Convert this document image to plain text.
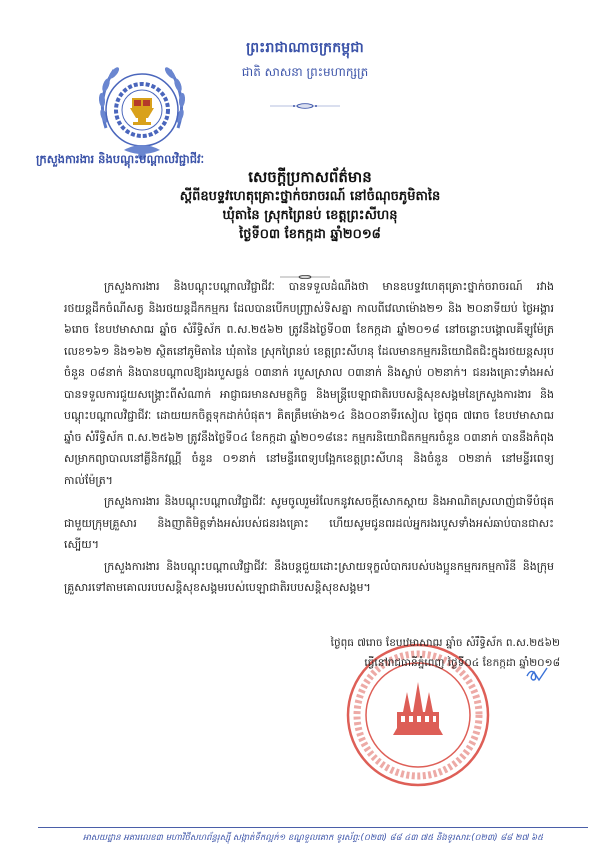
ព្រះរាជាណាចក្រកម្ពុជា
ជាតិ សាសនា ព្រះមហាក្សត្រ
ក្រសួងការងារ និងបណ្តុះបណ្តាលវិជ្ជាជីវៈ
សេចក្តីប្រកាសព័ត៌មាន
ស្តីពីឧបទ្ទវហេតុគ្រោះថ្នាក់ចរាចរណ៍ នៅចំណុចភូមិតានៃ
ឃុំតានៃ ស្រុកព្រៃនប់ ខេត្តព្រះសីហនុ
ថ្ងៃទី០៣ ខែកក្កដា ឆ្នាំ២០១៨

ក្រសួងការងារ និងបណ្តុះបណ្តាលវិជ្ជាជីវៈ បានទទួលដំណឹងថា មានឧបទ្ទវហេតុគ្រោះថ្នាក់ចរាចរណ៍ រវាងរថយន្តដឹកចំណីសត្វ និងរថយន្តដឹកកម្មករ ដែលបានបើកបញ្ច្រាស់ទិសគ្នា កាលពីវេលាម៉ោង២១ និង ២០នាទីយប់ ថ្ងៃអង្គារ ៦រោច ខែបឋមាសាឍ ឆ្នាំច សំរឹទ្ធិស័ក ព.ស.២៥៦២ ត្រូវនឹងថ្ងៃទី០៣ ខែកក្កដា ឆ្នាំ២០១៨ នៅចន្លោះបង្គោលគីឡូម៉ែត្រលេខ១៦១ និង១៦២ ស្ថិតនៅភូមិតានៃ ឃុំតានៃ ស្រុកព្រៃនប់ ខេត្តព្រះសីហនុ ដែលមានកម្មករនិយោជិតជិះក្នុងរថយន្តសរុបចំនួន ០៨នាក់ និងបានបណ្តាលឱ្យរងរបួសធ្ងន់ ០៣នាក់ របួសស្រាល ០៣នាក់ និងស្លាប់ ០២នាក់។ ជនរងគ្រោះទាំងអស់ បានទទួលការជួយសង្គ្រោះពីសំណាក់ អាជ្ញាធរមានសមត្ថកិច្ច និងមន្ត្រីបេឡាជាតិរបបសន្តិសុខសង្គមនៃក្រសួងការងារ និងបណ្តុះបណ្តាលវិជ្ជាជីវៈ ដោយយកចិត្តទុកដាក់បំផុត។ គិតត្រឹមម៉ោង១៤ និង០០នាទីរសៀល ថ្ងៃពុធ ៧រោច ខែបឋមាសាឍ ឆ្នាំច សំរឹទ្ធិស័ក ព.ស.២៥៦២ ត្រូវនឹងថ្ងៃទី០៤ ខែកក្កដា ឆ្នាំ២០១៨នេះ កម្មករនិយោជិតកម្មករចំនួន ០៣នាក់ បាននឹងកំពុងសម្រាកព្យាបាលនៅគ្លីនិកវណ្ណី ចំនួន ០១នាក់ នៅមន្ទីរពេទ្យបង្អែកខេត្តព្រះសីហនុ និងចំនួន ០២នាក់ នៅមន្ទីរពេទ្យកាល់ម៉ែត្រ។

ក្រសួងការងារ និងបណ្តុះបណ្តាលវិជ្ជាជីវៈ សូមចូលរួមរំលែកនូវសេចក្តីសោកស្តាយ និងអាណិតស្រលាញ់ជាទីបំផុតជាមួយក្រុមគ្រួសារ និងញាតិមិត្តទាំងអស់របស់ជនរងគ្រោះ ហើយសូមជូនពរដល់អ្នករងរបួសទាំងអស់ឆាប់បានជាសះស្បើយ។

ក្រសួងការងារ និងបណ្តុះបណ្តាលវិជ្ជាជីវៈ នឹងបន្តជួយដោះស្រាយទុក្ខលំបាករបស់បងប្អូនកម្មករកម្មការិនី និងក្រុមគ្រួសារទៅតាមគោលរបបសន្តិសុខសង្គមរបស់បេឡាជាតិរបបសន្តិសុខសង្គម។

ថ្ងៃពុធ ៧រោច ខែបឋមាសាឍ ឆ្នាំច សំរឹទ្ធិស័ក ព.ស.២៥៦២
ធ្វើនៅរាជធានីភ្នំពេញ ថ្ងៃទី០៤ ខែកក្កដា ឆ្នាំ២០១៨
អាសយដ្ឋាន អគារលេខ៣ មហាវិថីសហព័ន្ធរុស្ស៊ី សង្កាត់ទឹកល្អក់១ ខណ្ឌទួលគោក ទូរស័ព្ទ:(០២៣) ៨៨ ៤៣ ៧៥ និងទូរសារ:(០២៣) ៨៨ ២៧ ៦៥
